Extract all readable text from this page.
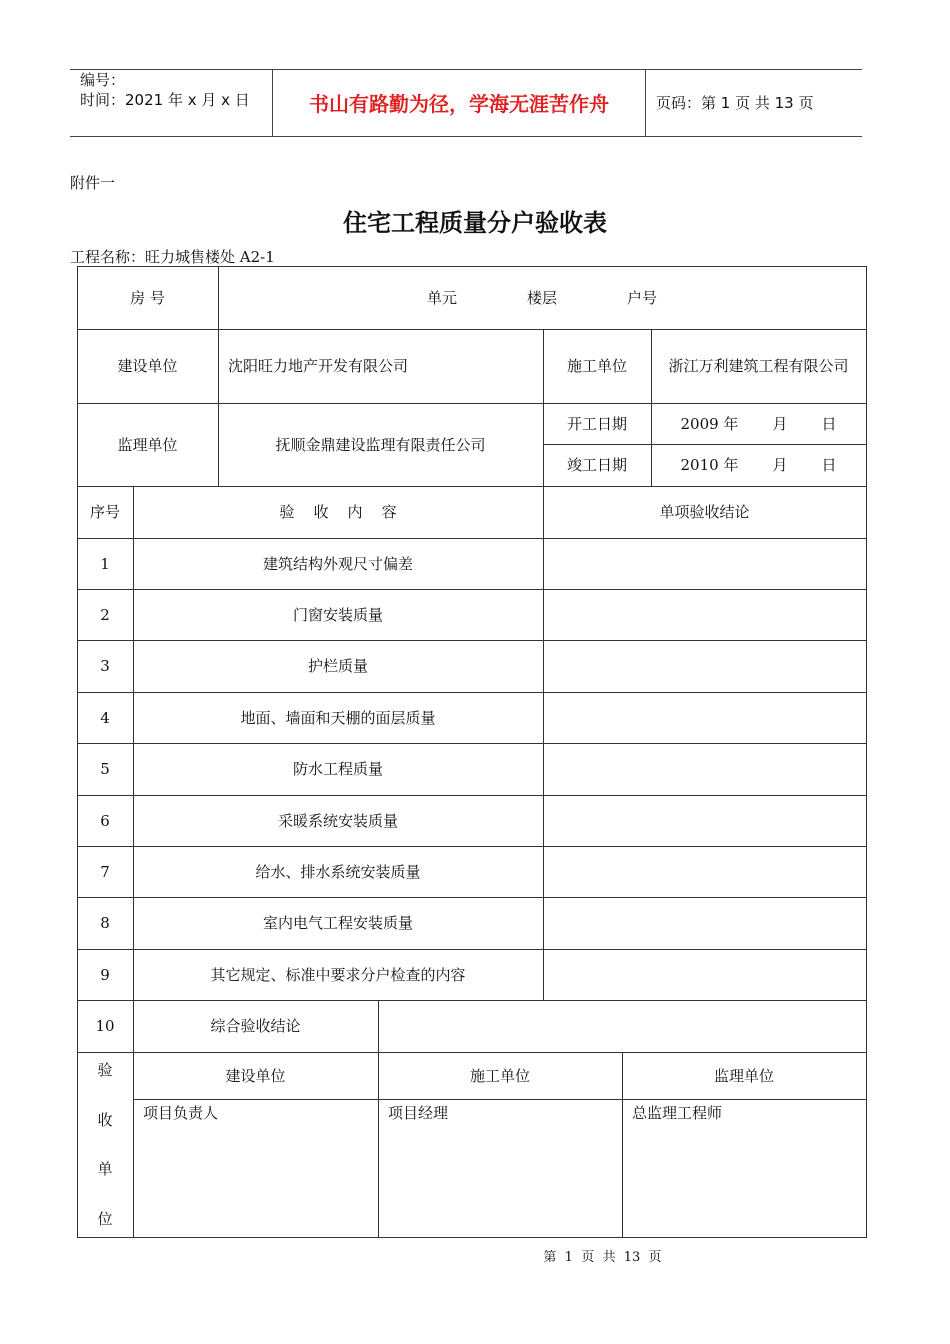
编号：
时间：2021 年 x 月 x 日	书山有路勤为径，学海无涯苦作舟	页码：第 1 页 共 13 页
附件一
住宅工程质量分户验收表
工程名称：旺力城售楼处 A2-1
房 号	单元	楼层	户号
建设单位	沈阳旺力地产开发有限公司	施工单位	浙江万利建筑工程有限公司
监理单位	抚顺金鼎建设监理有限责任公司
开工日期	2009 年 月 日
竣工日期	2010 年 月 日
序号	验    收    内    容	单项验收结论
1	建筑结构外观尺寸偏差
2	门窗安装质量
3	护栏质量
4	地面、墙面和天棚的面层质量
5	防水工程质量
6	采暖系统安装质量
7	给水、排水系统安装质量
8	室内电气工程安装质量
9	其它规定、标准中要求分户检查的内容
10	综合验收结论
验
收
单
位
建设单位	施工单位	监理单位
项目负责人	项目经理	总监理工程师
第  1  页  共  13  页
